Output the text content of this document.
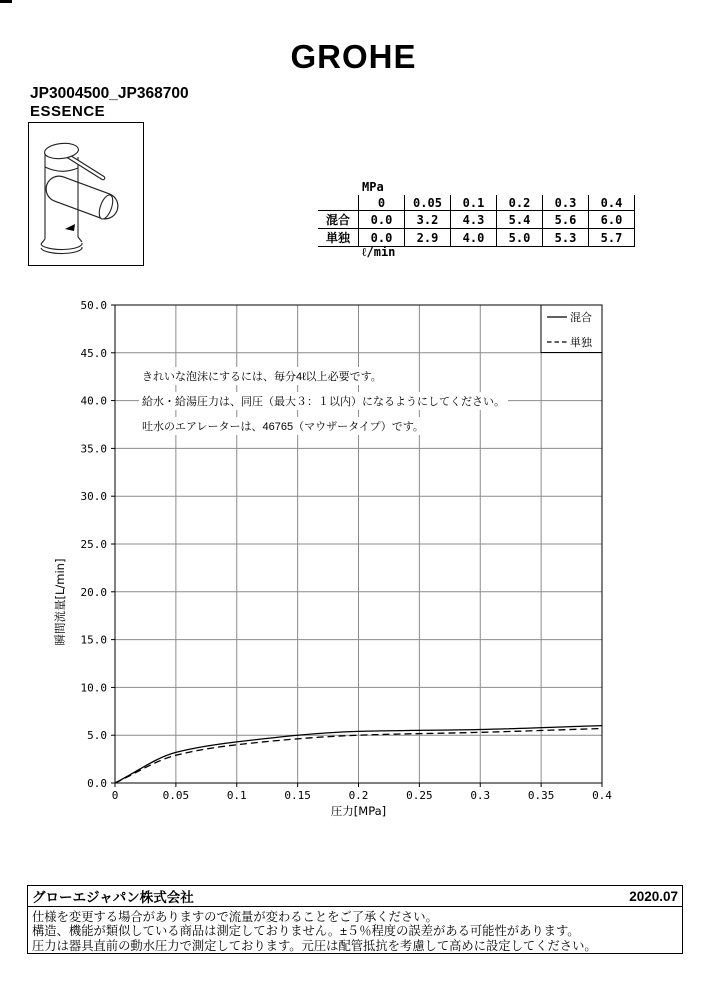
GROHE
JP3004500_JP368700
ESSENCE
MPa
	0	0.05	0.1	0.2	0.3	0.4
混合	0.0	3.2	4.3	5.4	5.6	6.0
単独	0.0	2.9	4.0	5.0	5.3	5.7
ℓ/min
0	0.05	0.1	0.15	0.2	0.25	0.3	0.35	0.4
0.0
5.0
10.0
15.0
20.0
25.0
30.0
35.0
40.0
45.0
50.0
圧力[MPa]
瞬間流量[L/min]
混合
単独
きれいな泡沫にするには、毎分4ℓ以上必要です。
給水・給湯圧力は、同圧（最大３：１以内）になるようにしてください。
吐水のエアレーターは、46765（マウザータイプ）です。
グローエジャパン株式会社	2020.07
仕様を変更する場合がありますので流量が変わることをご了承ください。
構造、機能が類似している商品は測定しておりません。±５％程度の誤差がある可能性があります。
圧力は器具直前の動水圧力で測定しております。元圧は配管抵抗を考慮して高めに設定してください。
